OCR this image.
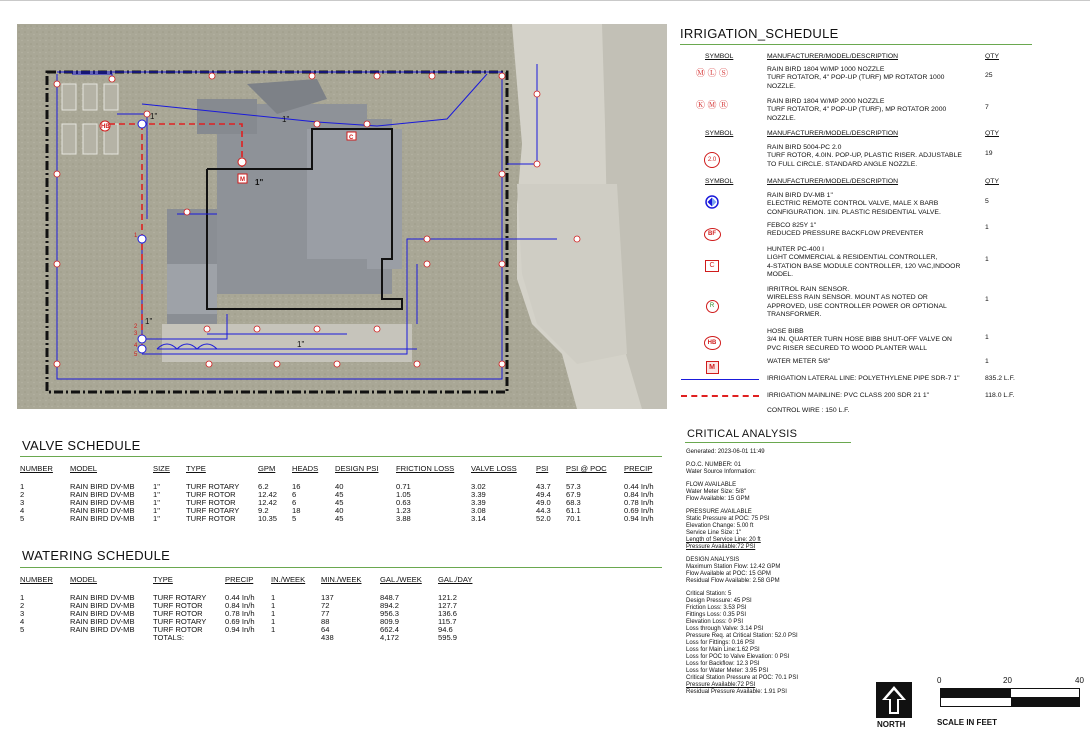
1"	1"
1"
1"
1"
1
2
3
4
5
HB
C
M
IRRIGATION_SCHEDULE
SYMBOL	MANUFACTURER/MODEL/DESCRIPTION	QTY
Ⓜ Ⓛ Ⓢ	RAIN BIRD 1804 W/MP 1000 NOZZLE
TURF ROTATOR, 4" POP-UP (TURF) MP ROTATOR 1000
NOZZLE.
25
Ⓚ Ⓜ Ⓡ	RAIN BIRD 1804 W/MP 2000 NOZZLE
TURF ROTATOR, 4" POP-UP (TURF), MP ROTATOR 2000
NOZZLE.
7
SYMBOL	MANUFACTURER/MODEL/DESCRIPTION	QTY
2.0
RAIN BIRD 5004-PC 2.0
TURF ROTOR, 4.0IN. POP-UP, PLASTIC RISER. ADJUSTABLE
TO FULL CIRCLE. STANDARD ANGLE NOZZLE.
19
SYMBOL	MANUFACTURER/MODEL/DESCRIPTION	QTY
RAIN BIRD DV-MB 1"
ELECTRIC REMOTE CONTROL VALVE, MALE X BARB
CONFIGURATION. 1IN. PLASTIC RESIDENTIAL VALVE.
5
BF
FEBCO 825Y 1"
REDUCED PRESSURE BACKFLOW PREVENTER
1
C
HUNTER PC-400 I
LIGHT COMMERCIAL & RESIDENTIAL CONTROLLER,
4-STATION BASE MODULE CONTROLLER, 120 VAC,INDOOR
MODEL.
1
R
IRRITROL RAIN SENSOR.
WIRELESS RAIN SENSOR. MOUNT AS NOTED OR
APPROVED, USE CONTROLLER POWER OR OPTIONAL
TRANSFORMER.
1
HB
HOSE BIBB
3/4 IN. QUARTER TURN HOSE BIBB SHUT-OFF VALVE ON
PVC RISER SECURED TO WOOD PLANTER WALL
1
M
WATER METER 5/8"	1
IRRIGATION LATERAL LINE: POLYETHYLENE PIPE SDR-7 1"	835.2 L.F.
IRRIGATION MAINLINE: PVC CLASS 200 SDR 21 1"	118.0 L.F.
CONTROL WIRE : 150 L.F.
VALVE SCHEDULE
NUMBER MODEL	SIZE TYPE	GPM HEADS DESIGN PSI FRICTION LOSS VALVE LOSS	PSI PSI @ POC PRECIP
1	RAIN BIRD DV-MB 1"	TURF ROTARY 6.2	16	40	0.71	3.02	43.7 57.3	0.44 In/h
2	RAIN BIRD DV-MB 1"	TURF ROTOR	12.42 6	45	1.05	3.39	49.4 67.9	0.84 In/h
3	RAIN BIRD DV-MB 1"	TURF ROTOR	12.42 6	45	0.63	3.39	49.0 68.3	0.78 In/h
4	RAIN BIRD DV-MB 1"	TURF ROTARY 9.2	18	40	1.23	3.08	44.3 61.1	0.69 In/h
5	RAIN BIRD DV-MB 1"	TURF ROTOR	10.35 5	45	3.88	3.14	52.0 70.1	0.94 In/h
WATERING SCHEDULE
NUMBER MODEL	TYPE	PRECIP IN./WEEK MIN./WEEK GAL./WEEK GAL./DAY
1	RAIN BIRD DV-MB TURF ROTARY 0.44 In/h 1	137	848.7	121.2
2	RAIN BIRD DV-MB TURF ROTOR	0.84 In/h 1	72	894.2	127.7
3	RAIN BIRD DV-MB TURF ROTOR	0.78 In/h 1	77	956.3	136.6
4	RAIN BIRD DV-MB TURF ROTARY 0.69 In/h 1	88	809.9	115.7
5	RAIN BIRD DV-MB TURF ROTOR	0.94 In/h 1	64	662.4	94.6
TOTALS:	438	4,172	595.9
CRITICAL ANALYSIS
Generated: 2023-06-01 11:49
P.O.C. NUMBER: 01
Water Source Information:
FLOW AVAILABLE
Water Meter Size: 5/8"
Flow Available: 15 GPM
PRESSURE AVAILABLE
Static Pressure at POC: 75 PSI
Elevation Change: 5.00 ft
Service Line Size: 1"
Length of Service Line: 20 ft
Pressure Available:72 PSI
DESIGN ANALYSIS
Maximum Station Flow: 12.42 GPM
Flow Available at POC: 15 GPM
Residual Flow Available: 2.58 GPM
Critical Station: 5
Design Pressure: 45 PSI
Friction Loss: 3.53 PSI
Fittings Loss: 0.35 PSI
Elevation Loss: 0 PSI
Loss through Valve: 3.14 PSI
Pressure Req. at Critical Station: 52.0 PSI
Loss for Fittings: 0.16 PSI
Loss for Main Line:1.62 PSI
Loss for POC to Valve Elevation: 0 PSI
Loss for Backflow: 12.3 PSI
Loss for Water Meter: 3.95 PSI
Critical Station Pressure at POC: 70.1 PSI
Pressure Available:72 PSI
Residual Pressure Available: 1.91 PSI
NORTH
0	20	40
SCALE IN FEET
